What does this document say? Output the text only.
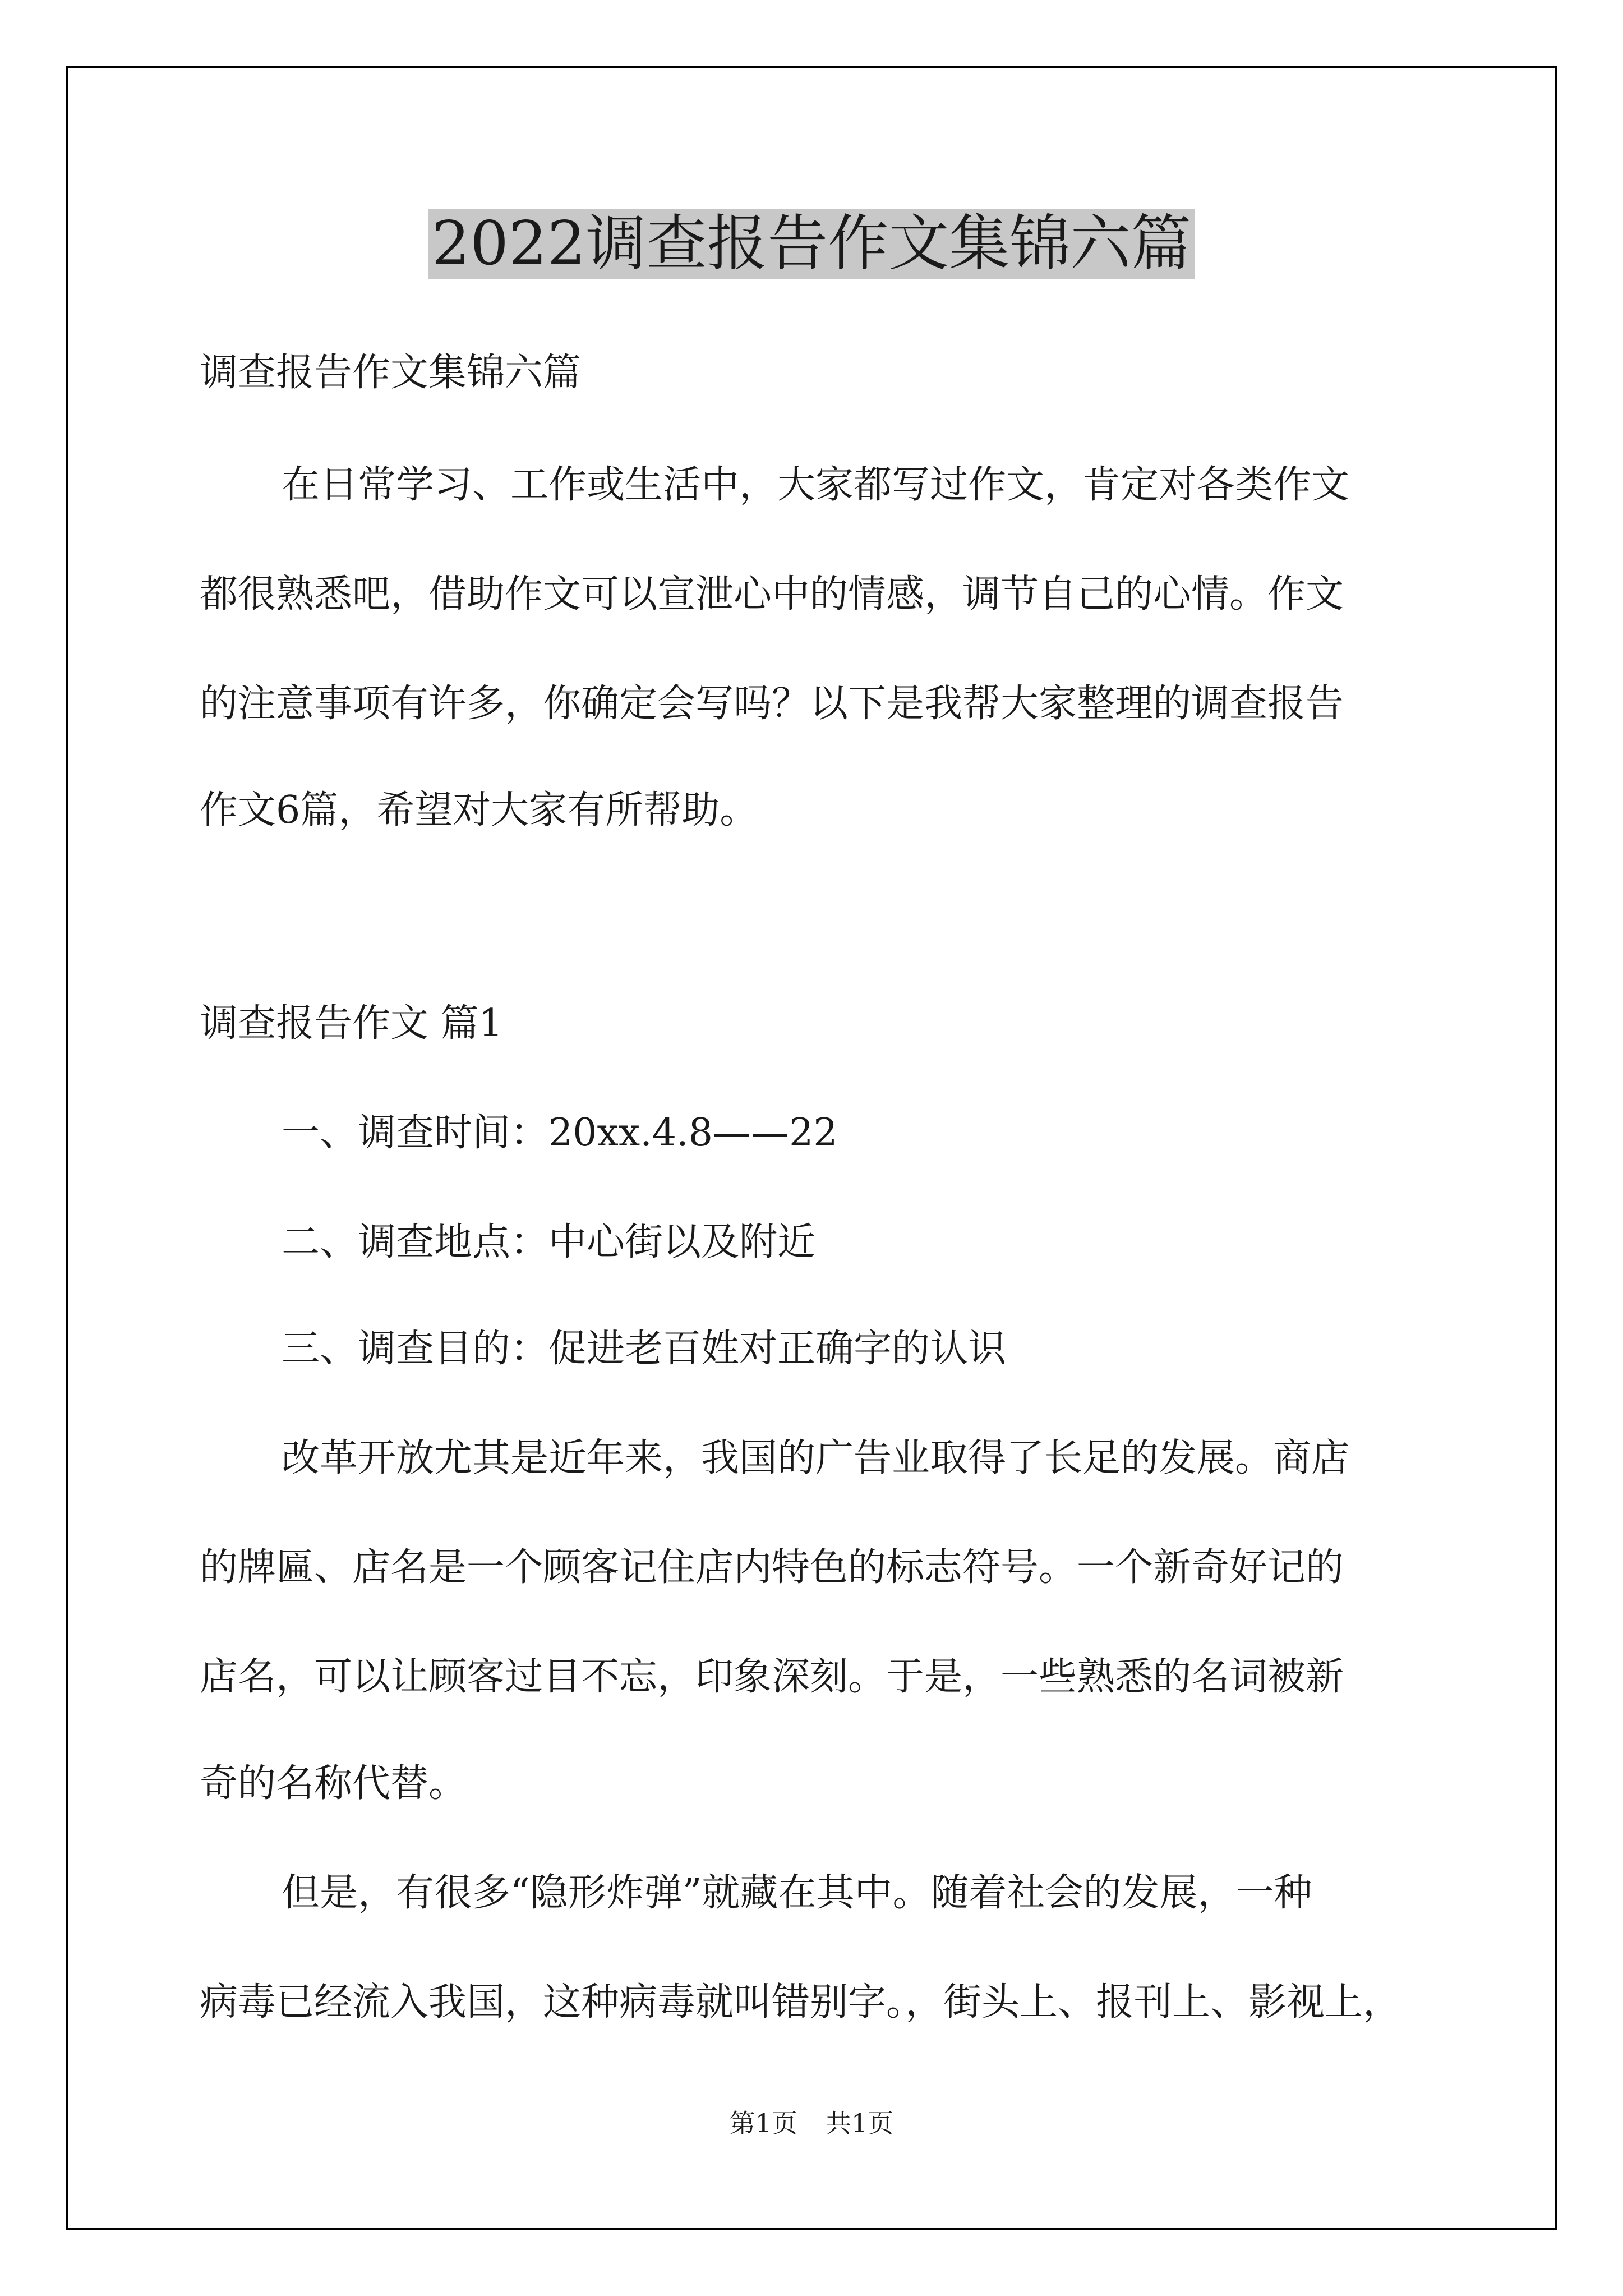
2022调查报告作文集锦六篇

调查报告作文集锦六篇

在日常学习、工作或生活中，大家都写过作文，肯定对各类作文

都很熟悉吧，借助作文可以宣泄心中的情感，调节自己的心情。作文

的注意事项有许多，你确定会写吗？以下是我帮大家整理的调查报告

作文6篇，希望对大家有所帮助。

调查报告作文 篇1

一、调查时间：20xx.4.8——22

二、调查地点：中心街以及附近

三、调查目的：促进老百姓对正确字的认识

改革开放尤其是近年来，我国的广告业取得了长足的发展。商店

的牌匾、店名是一个顾客记住店内特色的标志符号。一个新奇好记的

店名，可以让顾客过目不忘，印象深刻。于是，一些熟悉的名词被新

奇的名称代替。

但是，有很多“隐形炸弹”就藏在其中。随着社会的发展，一种

病毒已经流入我国，这种病毒就叫错别字。，街头上、报刊上、影视上，

第1页 共1页
